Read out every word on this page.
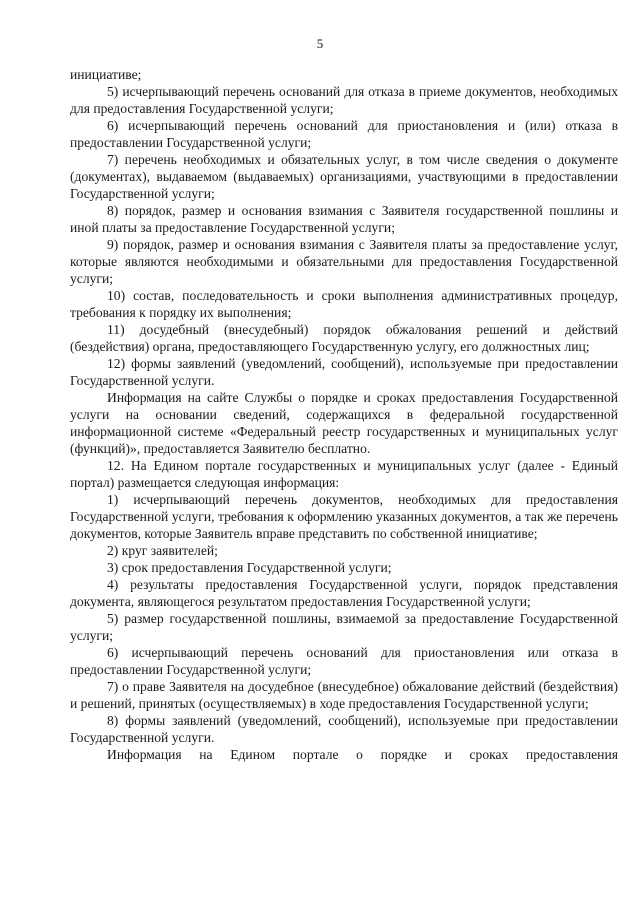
5

инициативе;

5) исчерпывающий перечень оснований для отказа в приеме документов, необходимых для предоставления Государственной услуги;

6) исчерпывающий перечень оснований для приостановления и (или) отказа в предоставлении Государственной услуги;

7) перечень необходимых и обязательных услуг, в том числе сведения о документе (документах), выдаваемом (выдаваемых) организациями, участвующими в предоставлении Государственной услуги;

8) порядок, размер и основания взимания с Заявителя государственной пошлины и иной платы за предоставление Государственной услуги;

9) порядок, размер и основания взимания с Заявителя платы за предоставление услуг, которые являются необходимыми и обязательными для предоставления Государственной услуги;

10) состав, последовательность и сроки выполнения административных процедур, требования к порядку их выполнения;

11) досудебный (внесудебный) порядок обжалования решений и действий (бездействия) органа, предоставляющего Государственную услугу, его должностных лиц;

12) формы заявлений (уведомлений, сообщений), используемые при предоставлении Государственной услуги.

Информация на сайте Службы о порядке и сроках предоставления Государственной услуги на основании сведений, содержащихся в федеральной государственной информационной системе «Федеральный реестр государственных и муниципальных услуг (функций)», предоставляется Заявителю бесплатно.

12. На Едином портале государственных и муниципальных услуг (далее - Единый портал) размещается следующая информация:

1) исчерпывающий перечень документов, необходимых для предоставления Государственной услуги, требования к оформлению указанных документов, а так же перечень документов, которые Заявитель вправе представить по собственной инициативе;

2) круг заявителей;

3) срок предоставления Государственной услуги;

4) результаты предоставления Государственной услуги, порядок представления документа, являющегося результатом предоставления Государственной услуги;

5) размер государственной пошлины, взимаемой за предоставление Государственной услуги;

6) исчерпывающий перечень оснований для приостановления или отказа в предоставлении Государственной услуги;

7) о праве Заявителя на досудебное (внесудебное) обжалование действий (бездействия) и решений, принятых (осуществляемых) в ходе предоставления Государственной услуги;

8) формы заявлений (уведомлений, сообщений), используемые при предоставлении Государственной услуги.

Информация на Едином портале о порядке и сроках предоставления
